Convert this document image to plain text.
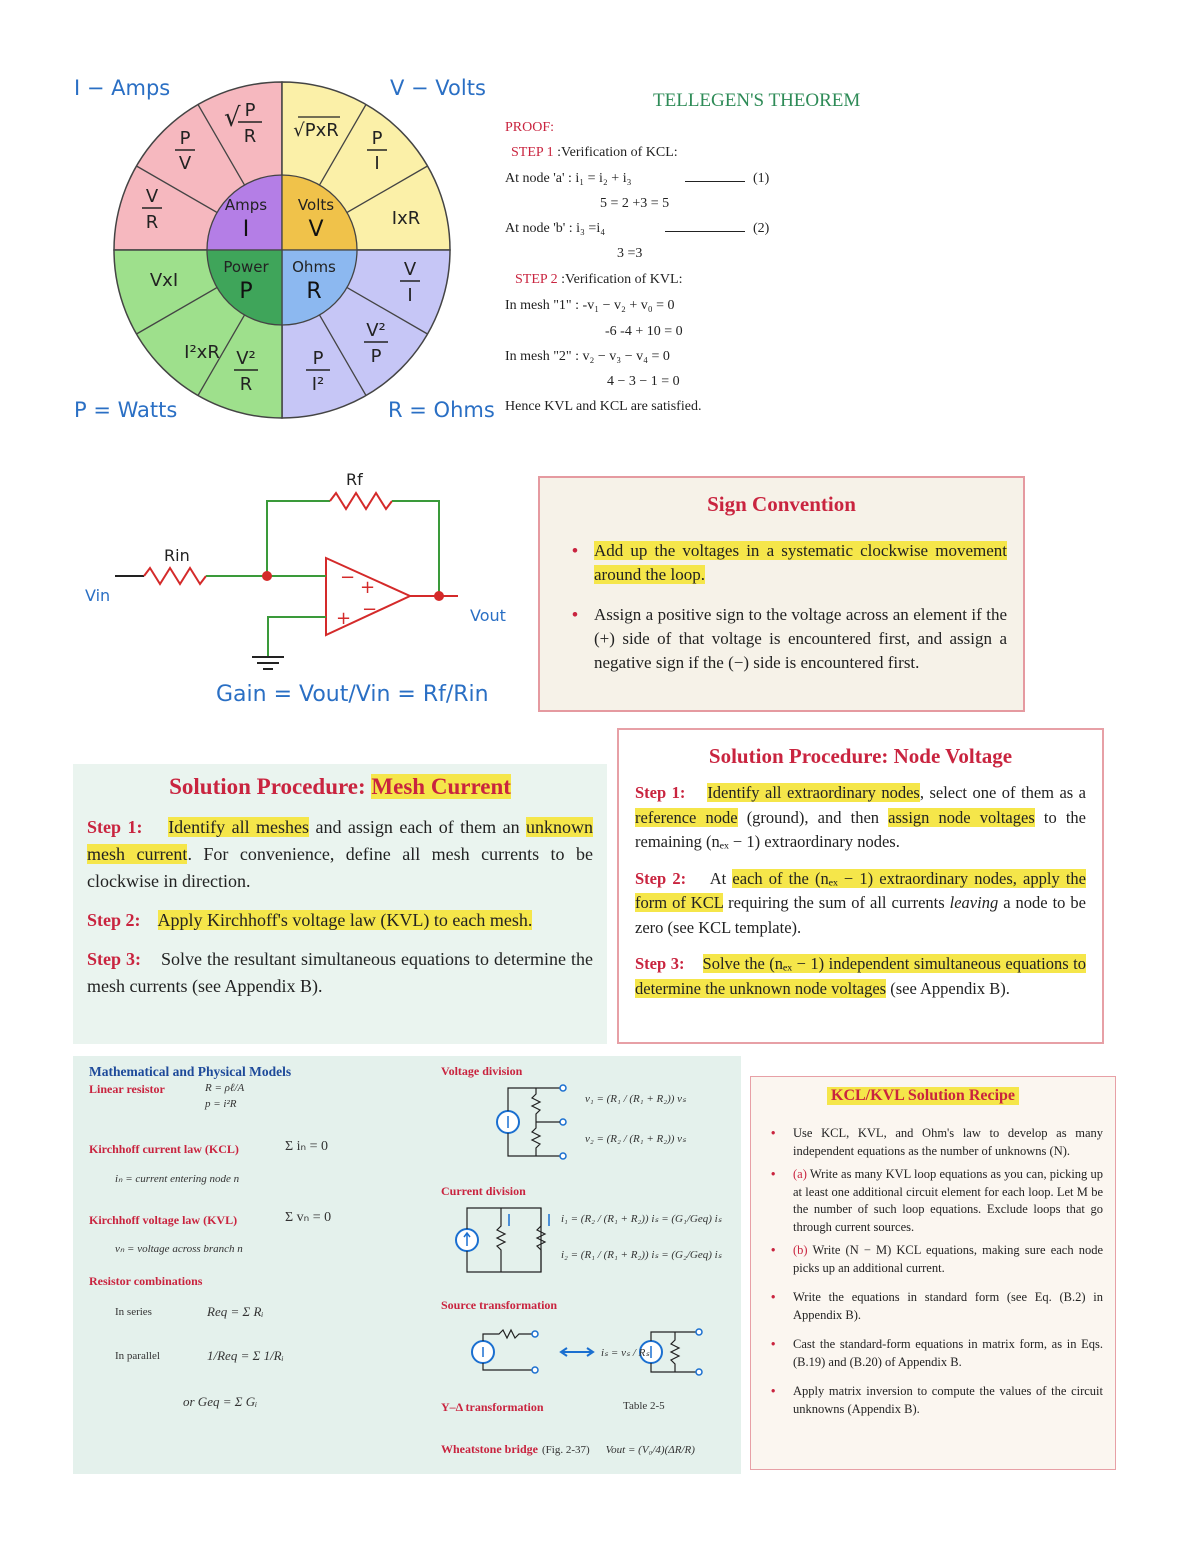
I − Amps	V − Volts
P = Watts	R = Ohms
Amps
I
Volts
V
Power
P
Ohms
R
√ P
R
P
V
V
R
√PxR P
I
IxR
VxI
I²xR V²
R
V
I
V²
P
P
I²
TELLEGEN'S THEOREM
PROOF:
STEP 1 :Verification of KCL:
At node 'a' : i₁ = i₂ + i₃	(1)
5 = 2 +3 = 5
At node 'b' : i₃ =i₄	(2)
3 =3
STEP 2 :Verification of KVL:
In mesh "1" : -v₁ − v₂ + v₀ = 0
-6 -4 + 10 = 0
In mesh "2" : v₂ − v₃ − v₄ = 0
4 − 3 − 1 = 0
Hence KVL and KCL are satisfied.
− +
+ −
Rf
Rin
Vin
Vout
Gain = Vout/Vin = Rf/Rin
Sign Convention
• Add up the voltages in a systematic clockwise movement around the loop.
• Assign a positive sign to the voltage across an element if the (+) side of that voltage is encountered first, and assign a negative sign if the (−) side is encountered first.
Solution Procedure: Node Voltage

Step 1: Identify all extraordinary nodes, select one of them as a reference node (ground), and then assign node voltages to the remaining (nₑₓ − 1) extraordinary nodes.

Step 2: At each of the (nₑₓ − 1) extraordinary nodes, apply the form of KCL requiring the sum of all currents leaving a node to be zero (see KCL template).

Step 3: Solve the (nₑₓ − 1) independent simultaneous equations to determine the unknown node voltages (see Appendix B).

Solution Procedure: Mesh Current

Step 1: Identify all meshes and assign each of them an unknown mesh current. For convenience, define all mesh currents to be clockwise in direction.

Step 2: Apply Kirchhoff's voltage law (KVL) to each mesh.

Step 3: Solve the resultant simultaneous equations to determine the mesh currents (see Appendix B).

Mathematical and Physical Models
Linear resistor	R = ρℓ/A
p = i²R
Kirchhoff current law (KCL)	Σ iₙ = 0
iₙ = current entering node n
Kirchhoff voltage law (KVL)	Σ vₙ = 0
vₙ = voltage across branch n
Resistor combinations
In series	Req = Σ Rᵢ
In parallel	1/Req = Σ 1/Rᵢ
or Geq = Σ Gᵢ
Voltage division
v₁ = (R₁ / (R₁ + R₂)) vₛ
v₂ = (R₂ / (R₁ + R₂)) vₛ
Current division
i₁ = (R₂ / (R₁ + R₂)) iₛ = (G₁/Geq) iₛ
i₂ = (R₁ / (R₁ + R₂)) iₛ = (G₂/Geq) iₛ
Source transformation
iₛ = vₛ / Rₛ
Y–Δ transformation	Table 2-5
Wheatstone bridge (Fig. 2-37) Vout = (V₀/4)(ΔR/R)
KCL/KVL Solution Recipe
• Use KCL, KVL, and Ohm's law to develop as many independent equations as the number of unknowns (N).
• (a) Write as many KVL loop equations as you can, picking up at least one additional circuit element for each loop. Let M be the number of such loop equations. Exclude loops that go through current sources.
• (b) Write (N − M) KCL equations, making sure each node picks up an additional current.
• Write the equations in standard form (see Eq. (B.2) in Appendix B).
• Cast the standard-form equations in matrix form, as in Eqs. (B.19) and (B.20) of Appendix B.
• Apply matrix inversion to compute the values of the circuit unknowns (Appendix B).
